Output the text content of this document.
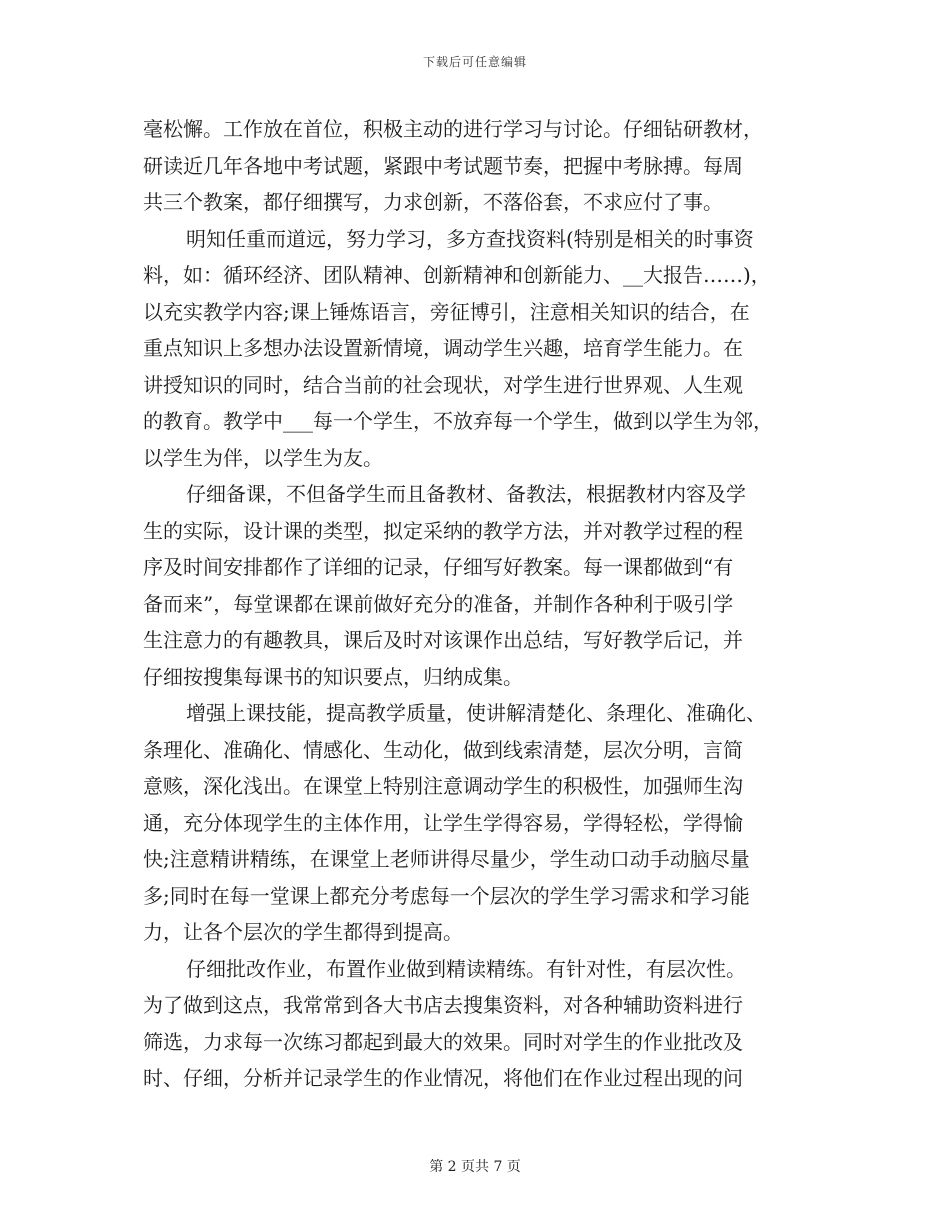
下载后可任意编辑
毫松懈。工作放在首位，积极主动的进行学习与讨论。仔细钻研教材，
研读近几年各地中考试题，紧跟中考试题节奏，把握中考脉搏。每周
共三个教案，都仔细撰写，力求创新，不落俗套，不求应付了事。
明知任重而道远，努力学习，多方查找资料(特别是相关的时事资
料，如：循环经济、团队精神、创新精神和创新能力、__大报告……)，
以充实教学内容;课上锤炼语言，旁征博引，注意相关知识的结合，在
重点知识上多想办法设置新情境，调动学生兴趣，培育学生能力。在
讲授知识的同时，结合当前的社会现状，对学生进行世界观、人生观
的教育。教学中___每一个学生，不放弃每一个学生，做到以学生为邻，
以学生为伴，以学生为友。
仔细备课，不但备学生而且备教材、备教法，根据教材内容及学
生的实际，设计课的类型，拟定采纳的教学方法，并对教学过程的程
序及时间安排都作了详细的记录，仔细写好教案。每一课都做到“有
备而来”，每堂课都在课前做好充分的准备，并制作各种利于吸引学
生注意力的有趣教具，课后及时对该课作出总结，写好教学后记，并
仔细按搜集每课书的知识要点，归纳成集。
增强上课技能，提高教学质量，使讲解清楚化、条理化、准确化、
条理化、准确化、情感化、生动化，做到线索清楚，层次分明，言简
意赅，深化浅出。在课堂上特别注意调动学生的积极性，加强师生沟
通，充分体现学生的主体作用，让学生学得容易，学得轻松，学得愉
快;注意精讲精练，在课堂上老师讲得尽量少，学生动口动手动脑尽量
多;同时在每一堂课上都充分考虑每一个层次的学生学习需求和学习能
力，让各个层次的学生都得到提高。
仔细批改作业，布置作业做到精读精练。有针对性，有层次性。
为了做到这点，我常常到各大书店去搜集资料，对各种辅助资料进行
筛选，力求每一次练习都起到最大的效果。同时对学生的作业批改及
时、仔细，分析并记录学生的作业情况，将他们在作业过程出现的问
第 2 页共 7 页
